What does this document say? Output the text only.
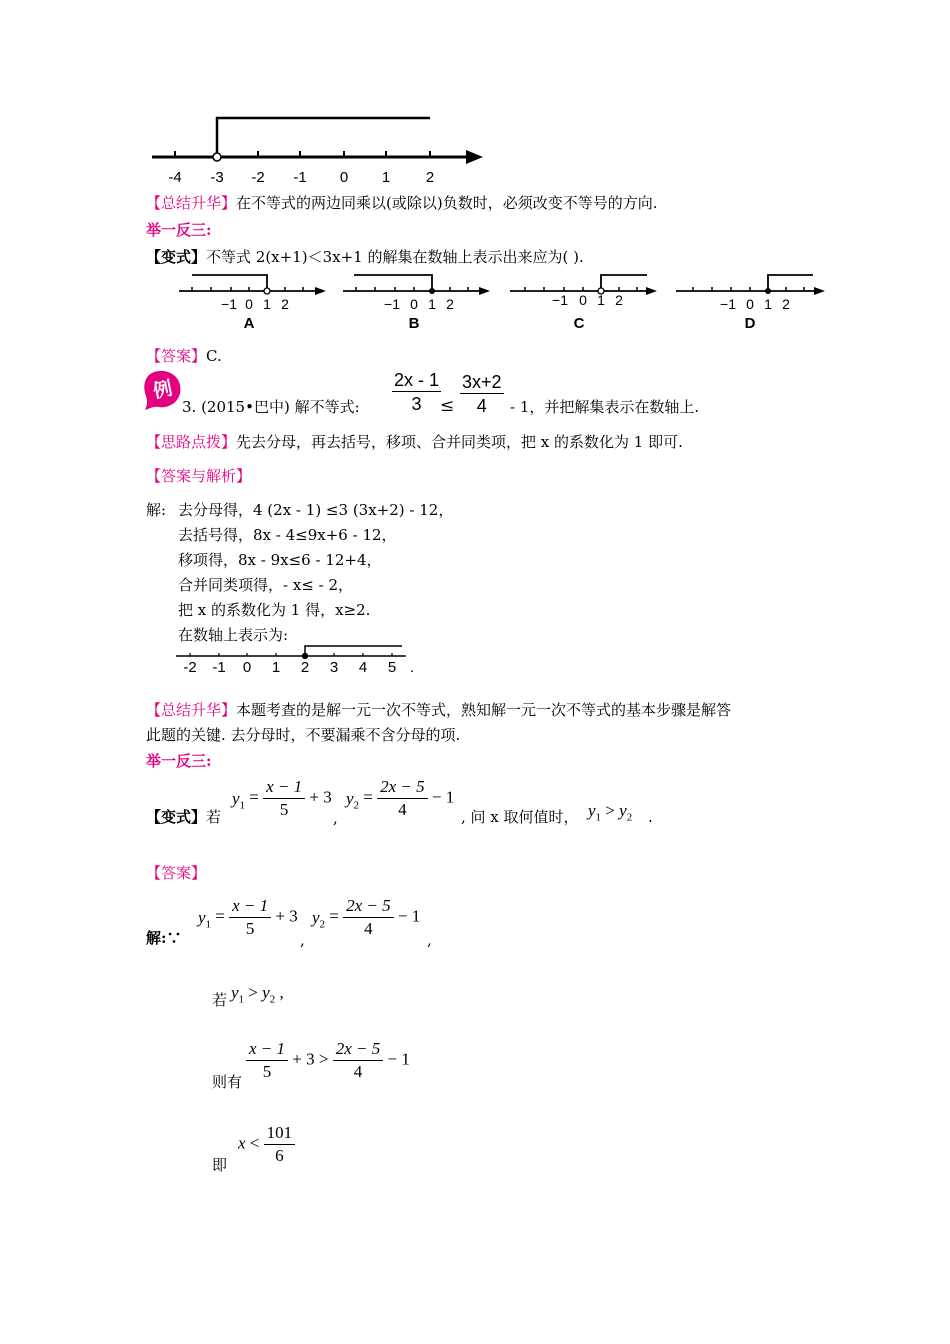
-4 -3 -2 -1 0 1 2
【总结升华】在不等式的两边同乘以(或除以)负数时，必须改变不等号的方向.
举一反三:
【变式】不等式 2(x+1)＜3x+1 的解集在数轴上表示出来应为( ).
−1 0 1 2
A
−1 0 1 2
B
−1 0 1 2
C
−1 0 1 2
D
【答案】C.
例
3. (2015•巴中) 解不等式: $\frac{2x - 1}{3}$
≤ $\frac{3x+2}{4} - 1$，并把解集表示在数轴上.
【思路点拨】先去分母，再去括号，移项、合并同类项，把 x 的系数化为 1 即可.
【答案与解析】
解: 去分母得，4 (2x - 1) ≤3 (3x+2) - 12，
去括号得，8x - 4≤9x+6 - 12，
移项得，8x - 9x≤6 - 12+4，
合并同类项得，- x≤ - 2，
把 x 的系数化为 1 得，x≥2.
在数轴上表示为:
-2 -1 0 1 2 3 4 5 .
【总结升华】本题考查的是解一元一次不等式，熟知解一元一次不等式的基本步骤是解答
此题的关键. 去分母时，不要漏乘不含分母的项.
举一反三:
【变式】若
$y_1 = \frac{x - 1}{5} + 3$
,
$y_2 = \frac{2x - 5}{4} - 1$
, 问 x 取何值时， $y_1 > y_2$ .
【答案】
解:∵
$y_1 = \frac{x - 1}{5} + 3$
,
$y_2 = \frac{2x - 5}{4} - 1$
,
若 $y_1 > y_2$ ,
则有 $\frac{x - 1}{5} + 3 > \frac{2x - 5}{4} - 1$
即
$x < \frac{101}{6}$
